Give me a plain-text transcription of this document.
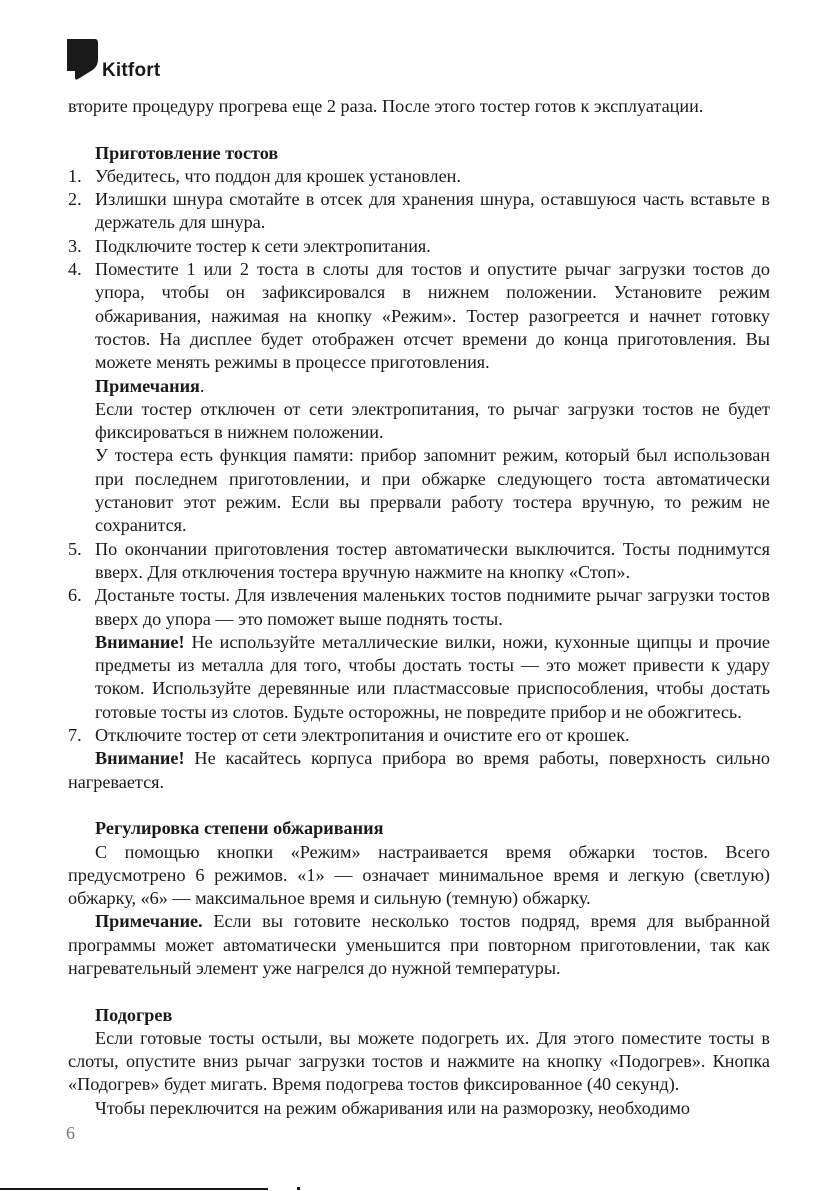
Kitfort

вторите процедуру прогрева еще 2 раза. После этого тостер готов к эксплуатации.

Приготовление тостов

1. Убедитесь, что поддон для крошек установлен.
2. Излишки шнура смотайте в отсек для хранения шнура, оставшуюся часть вставьте в держатель для шнура.
3. Подключите тостер к сети электропитания.
4. Поместите 1 или 2 тоста в слоты для тостов и опустите рычаг загрузки тостов до упора, чтобы он зафиксировался в нижнем положении. Установите режим обжаривания, нажимая на кнопку «Режим». Тостер разогреется и начнет готовку тостов. На дисплее будет отображен отсчет времени до конца приготовления. Вы можете менять режимы в процессе приготовления.

Примечания.

Если тостер отключен от сети электропитания, то рычаг загрузки тостов не будет фиксироваться в нижнем положении.

У тостера есть функция памяти: прибор запомнит режим, который был использован при последнем приготовлении, и при обжарке следующего тоста автоматически установит этот режим. Если вы прервали работу тостера вручную, то режим не сохранится.

5. По окончании приготовления тостер автоматически выключится. Тосты поднимутся вверх. Для отключения тостера вручную нажмите на кнопку «Стоп».
6. Достаньте тосты. Для извлечения маленьких тостов поднимите рычаг загрузки тостов вверх до упора — это поможет выше поднять тосты.

Внимание! Не используйте металлические вилки, ножи, кухонные щипцы и прочие предметы из металла для того, чтобы достать тосты — это может привести к удару током. Используйте деревянные или пластмассовые приспособления, чтобы достать готовые тосты из слотов. Будьте осторожны, не повредите прибор и не обожгитесь.

7. Отключите тостер от сети электропитания и очистите его от крошек.

Внимание! Не касайтесь корпуса прибора во время работы, поверхность сильно нагревается.

Регулировка степени обжаривания

С помощью кнопки «Режим» настраивается время обжарки тостов. Всего предусмотрено 6 режимов. «1» — означает минимальное время и легкую (светлую) обжарку, «6» — максимальное время и сильную (темную) обжарку.

Примечание. Если вы готовите несколько тостов подряд, время для выбранной программы может автоматически уменьшится при повторном приготовлении, так как нагревательный элемент уже нагрелся до нужной температуры.

Подогрев

Если готовые тосты остыли, вы можете подогреть их. Для этого поместите тосты в слоты, опустите вниз рычаг загрузки тостов и нажмите на кнопку «Подогрев». Кнопка «Подогрев» будет мигать. Время подогрева тостов фиксированное (40 секунд).

Чтобы переключится на режим обжаривания или на разморозку, необходимо

6
